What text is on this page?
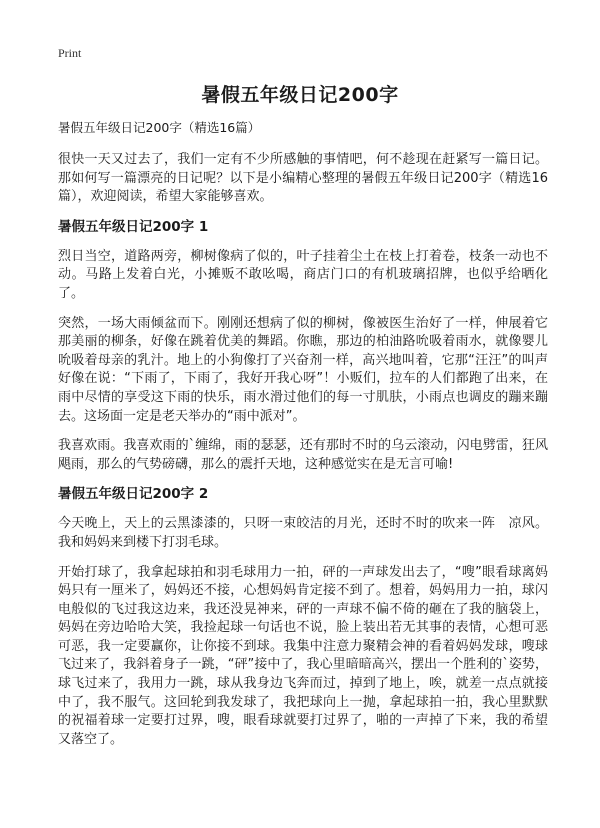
Print
暑假五年级日记200字

暑假五年级日记200字（精选16篇）

很快一天又过去了，我们一定有不少所感触的事情吧，何不趁现在赶紧写一篇日记。那如何写一篇漂亮的日记呢？以下是小编精心整理的暑假五年级日记200字（精选16篇），欢迎阅读，希望大家能够喜欢。

暑假五年级日记200字 1

烈日当空，道路两旁，柳树像病了似的，叶子挂着尘土在枝上打着卷，枝条一动也不动。马路上发着白光，小摊贩不敢吆喝，商店门口的有机玻璃招牌，也似乎给晒化了。

突然，一场大雨倾盆而下。刚刚还想病了似的柳树，像被医生治好了一样，伸展着它那美丽的柳条，好像在跳着优美的舞蹈。你瞧，那边的柏油路吮吸着雨水，就像婴儿吮吸着母亲的乳汁。地上的小狗像打了兴奋剂一样，高兴地叫着，它那“汪汪”的叫声好像在说：“下雨了，下雨了，我好开我心呀”！小贩们，拉车的人们都跑了出来，在雨中尽情的享受这下雨的快乐，雨水滑过他们的每一寸肌肤，小雨点也调皮的蹦来蹦去。这场面一定是老天举办的“雨中派对”。

我喜欢雨。我喜欢雨的`缠绵，雨的瑟瑟，还有那时不时的乌云滚动，闪电劈雷，狂风飓雨，那么的气势磅礴，那么的震扦天地，这种感觉实在是无言可喻!

暑假五年级日记200字 2

今天晚上，天上的云黑漆漆的，只呀一束皎洁的月光，还时不时的吹来一阵　凉风。我和妈妈来到楼下打羽毛球。

开始打球了，我拿起球拍和羽毛球用力一拍，砰的一声球发出去了，“嗖”眼看球离妈妈只有一厘米了，妈妈还不接，心想妈妈肯定接不到了。想着，妈妈用力一拍，球闪电般似的飞过我这边来，我还没晃神来，砰的一声球不偏不倚的砸在了我的脑袋上，妈妈在旁边哈哈大笑，我捡起球一句话也不说，脸上装出若无其事的表情，心想可恶可恶，我一定要赢你，让你接不到球。我集中注意力聚精会神的看着妈妈发球，嗖球飞过来了，我斜着身子一跳，“砰”接中了，我心里暗暗高兴，摆出一个胜利的`姿势，球飞过来了，我用力一跳，球从我身边飞奔而过，掉到了地上，唉，就差一点点就接中了，我不服气。这回轮到我发球了，我把球向上一抛，拿起球拍一拍，我心里默默的祝福着球一定要打过界，嗖，眼看球就要打过界了，啪的一声掉了下来，我的希望又落空了。
